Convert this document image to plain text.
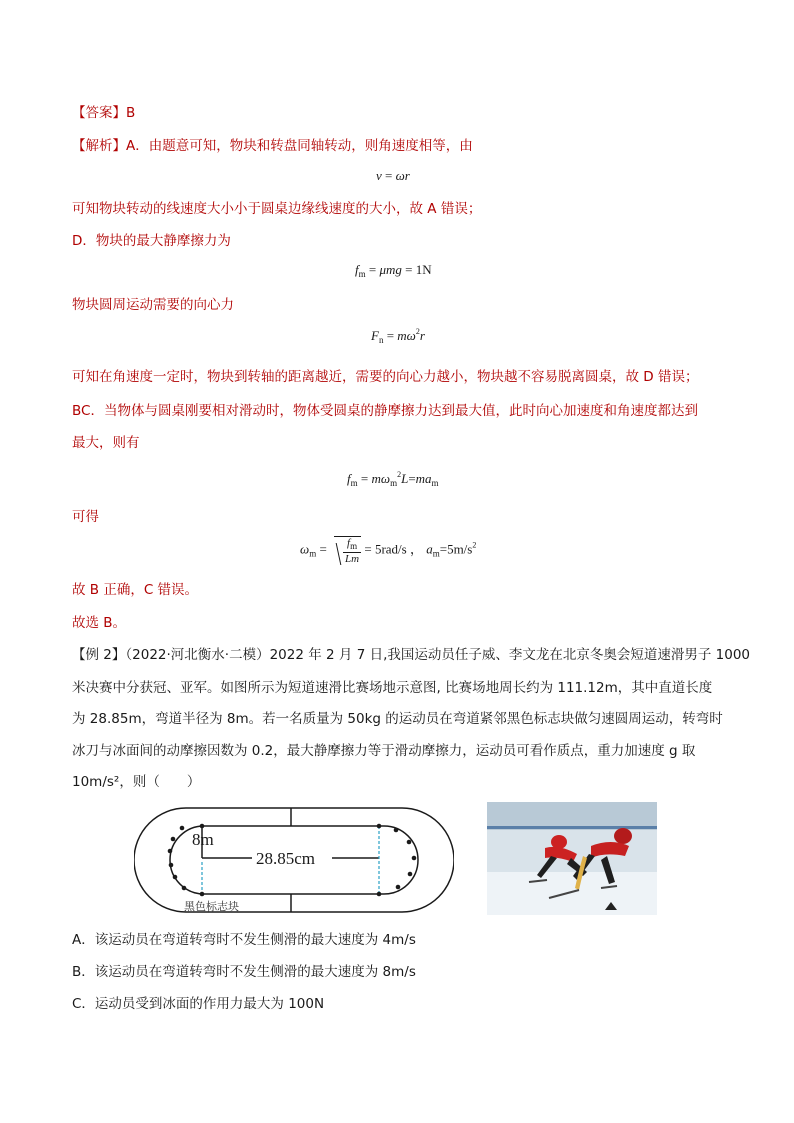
【答案】B
【解析】A．由题意可知，物块和转盘同轴转动，则角速度相等，由
v = ωr
可知物块转动的线速度大小小于圆桌边缘线速度的大小，故 A 错误；
D．物块的最大静摩擦力为
$f_m = \mu mg = 1N$
物块圆周运动需要的向心力
$F_n = m\omega^2r$
可知在角速度一定时，物块到转轴的距离越近，需要的向心力越小，物块越不容易脱离圆桌，故 D 错误；
BC．当物体与圆桌刚要相对滑动时，物体受圆桌的静摩擦力达到最大值，此时向心加速度和角速度都达到
最大，则有
$f_m = m\omega_m^2L=ma_m$
可得
$\omega_m = \frac{f_m}{Lm} = 5rad/s$ ， $a_m=5m/s^2$
故 B 正确，C 错误。
故选 B。
【例 2】（2022·河北衡水·二模）2022 年 2 月 7 日,我国运动员任子威、李文龙在北京冬奥会短道速滑男子 1000
米决赛中分获冠、亚军。如图所示为短道速滑比赛场地示意图, 比赛场地周长约为 111.12m，其中直道长度
为 28.85m，弯道半径为 8m。若一名质量为 50kg 的运动员在弯道紧邻黑色标志块做匀速圆周运动，转弯时
冰刀与冰面间的动摩擦因数为 0.2，最大静摩擦力等于滑动摩擦力，运动员可看作质点，重力加速度 g 取
10m/s²，则（　　）
8m
28.85cm
黑色标志块
A．该运动员在弯道转弯时不发生侧滑的最大速度为 4m/s
B．该运动员在弯道转弯时不发生侧滑的最大速度为 8m/s
C．运动员受到冰面的作用力最大为 100N
